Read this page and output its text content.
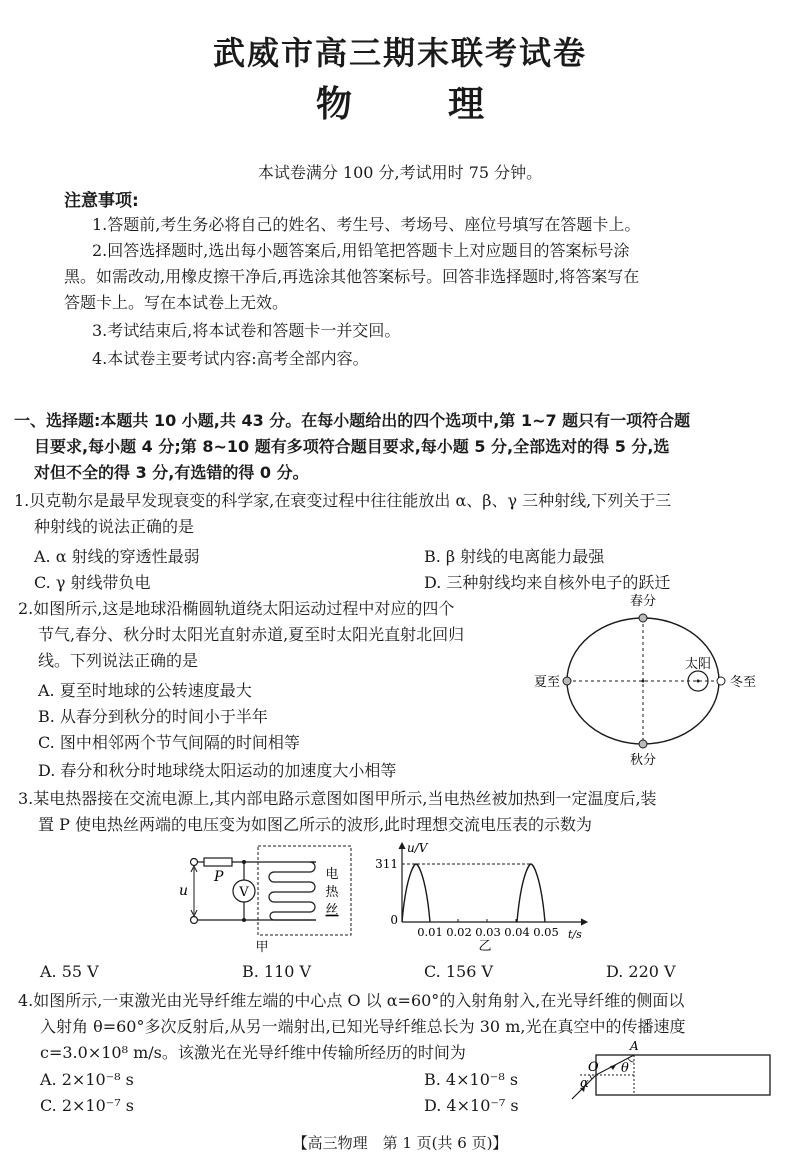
武威市高三期末联考试卷
物	理
本试卷满分 100 分,考试用时 75 分钟。
注意事项:
1.答题前,考生务必将自己的姓名、考生号、考场号、座位号填写在答题卡上。
2.回答选择题时,选出每小题答案后,用铅笔把答题卡上对应题目的答案标号涂
黑。如需改动,用橡皮擦干净后,再选涂其他答案标号。回答非选择题时,将答案写在
答题卡上。写在本试卷上无效。
3.考试结束后,将本试卷和答题卡一并交回。
4.本试卷主要考试内容:高考全部内容。
一、选择题:本题共 10 小题,共 43 分。在每小题给出的四个选项中,第 1~7 题只有一项符合题
目要求,每小题 4 分;第 8~10 题有多项符合题目要求,每小题 5 分,全部选对的得 5 分,选
对但不全的得 3 分,有选错的得 0 分。
1.贝克勒尔是最早发现衰变的科学家,在衰变过程中往往能放出 α、β、γ 三种射线,下列关于三
种射线的说法正确的是
A. α 射线的穿透性最弱	B. β 射线的电离能力最强
C. γ 射线带负电	D. 三种射线均来自核外电子的跃迁
2.如图所示,这是地球沿椭圆轨道绕太阳运动过程中对应的四个
节气,春分、秋分时太阳光直射赤道,夏至时太阳光直射北回归
线。下列说法正确的是
A. 夏至时地球的公转速度最大
B. 从春分到秋分的时间小于半年
C. 图中相邻两个节气间隔的时间相等
D. 春分和秋分时地球绕太阳运动的加速度大小相等
春分
秋分
夏至	冬至
太阳
3.某电热器接在交流电源上,其内部电路示意图如图甲所示,当电热丝被加热到一定温度后,装
置 P 使电热丝两端的电压变为如图乙所示的波形,此时理想交流电压表的示数为
V
u
P	电
热
丝
甲
u/V
311
0
0.01 0.02 0.03 0.04 0.05 t/s
乙
A. 55 V	B. 110 V	C. 156 V	D. 220 V
4.如图所示,一束激光由光导纤维左端的中心点 O 以 α=60°的入射角射入,在光导纤维的侧面以
入射角 θ=60°多次反射后,从另一端射出,已知光导纤维总长为 30 m,光在真空中的传播速度
c=3.0×10⁸ m/s。该激光在光导纤维中传输所经历的时间为
A. 2×10⁻⁸ s	B. 4×10⁻⁸ s
C. 2×10⁻⁷ s	D. 4×10⁻⁷ s
O
A
α
θ
【高三物理　第 1 页(共 6 页)】
